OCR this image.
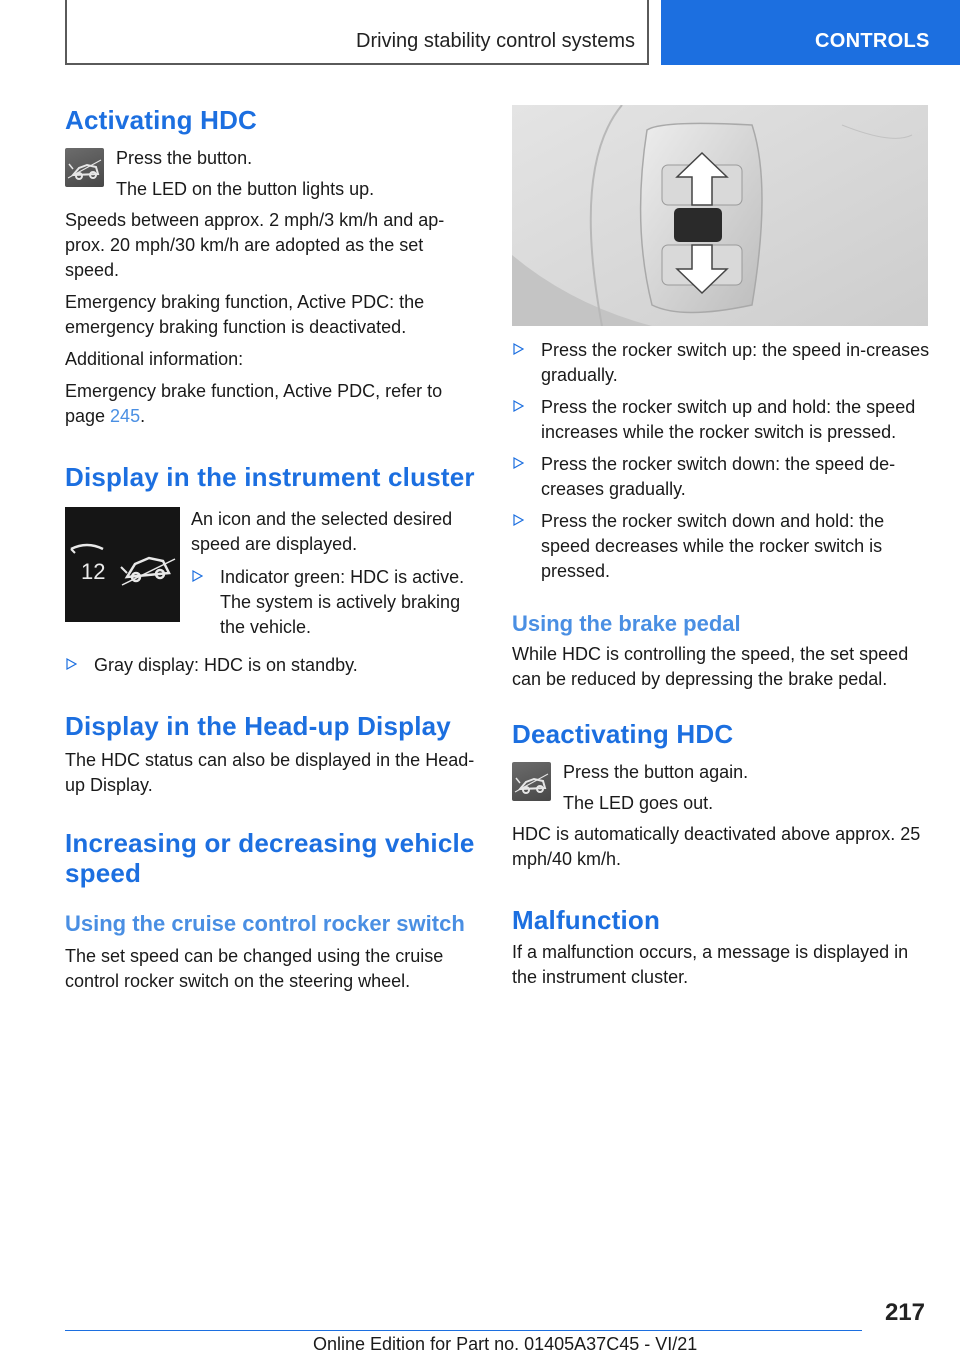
Driving stability control systems	CONTROLS
Activating HDC

Press the button.

The LED on the button lights up.

Speeds between approx. 2 mph/3 km/h and ap-prox. 20 mph/30 km/h are adopted as the set speed.

Emergency braking function, Active PDC: the emergency braking function is deactivated.

Additional information:

Emergency brake function, Active PDC, refer to page 245.

Display in the instrument cluster
12

An icon and the selected desired speed are displayed.

Indicator green: HDC is active. The system is actively braking the vehicle.
Gray display: HDC is on standby.
Display in the Head-up Display

The HDC status can also be displayed in the Head-up Display.

Increasing or decreasing vehicle speed
Using the cruise control rocker switch

The set speed can be changed using the cruise control rocker switch on the steering wheel.

Press the rocker switch up: the speed in-creases gradually.
Press the rocker switch up and hold: the speed increases while the rocker switch is pressed.
Press the rocker switch down: the speed de-creases gradually.
Press the rocker switch down and hold: the speed decreases while the rocker switch is pressed.
Using the brake pedal

While HDC is controlling the speed, the set speed can be reduced by depressing the brake pedal.

Deactivating HDC

Press the button again.

The LED goes out.

HDC is automatically deactivated above approx. 25 mph/40 km/h.

Malfunction

If a malfunction occurs, a message is displayed in the instrument cluster.

217
Online Edition for Part no. 01405A37C45 - VI/21
